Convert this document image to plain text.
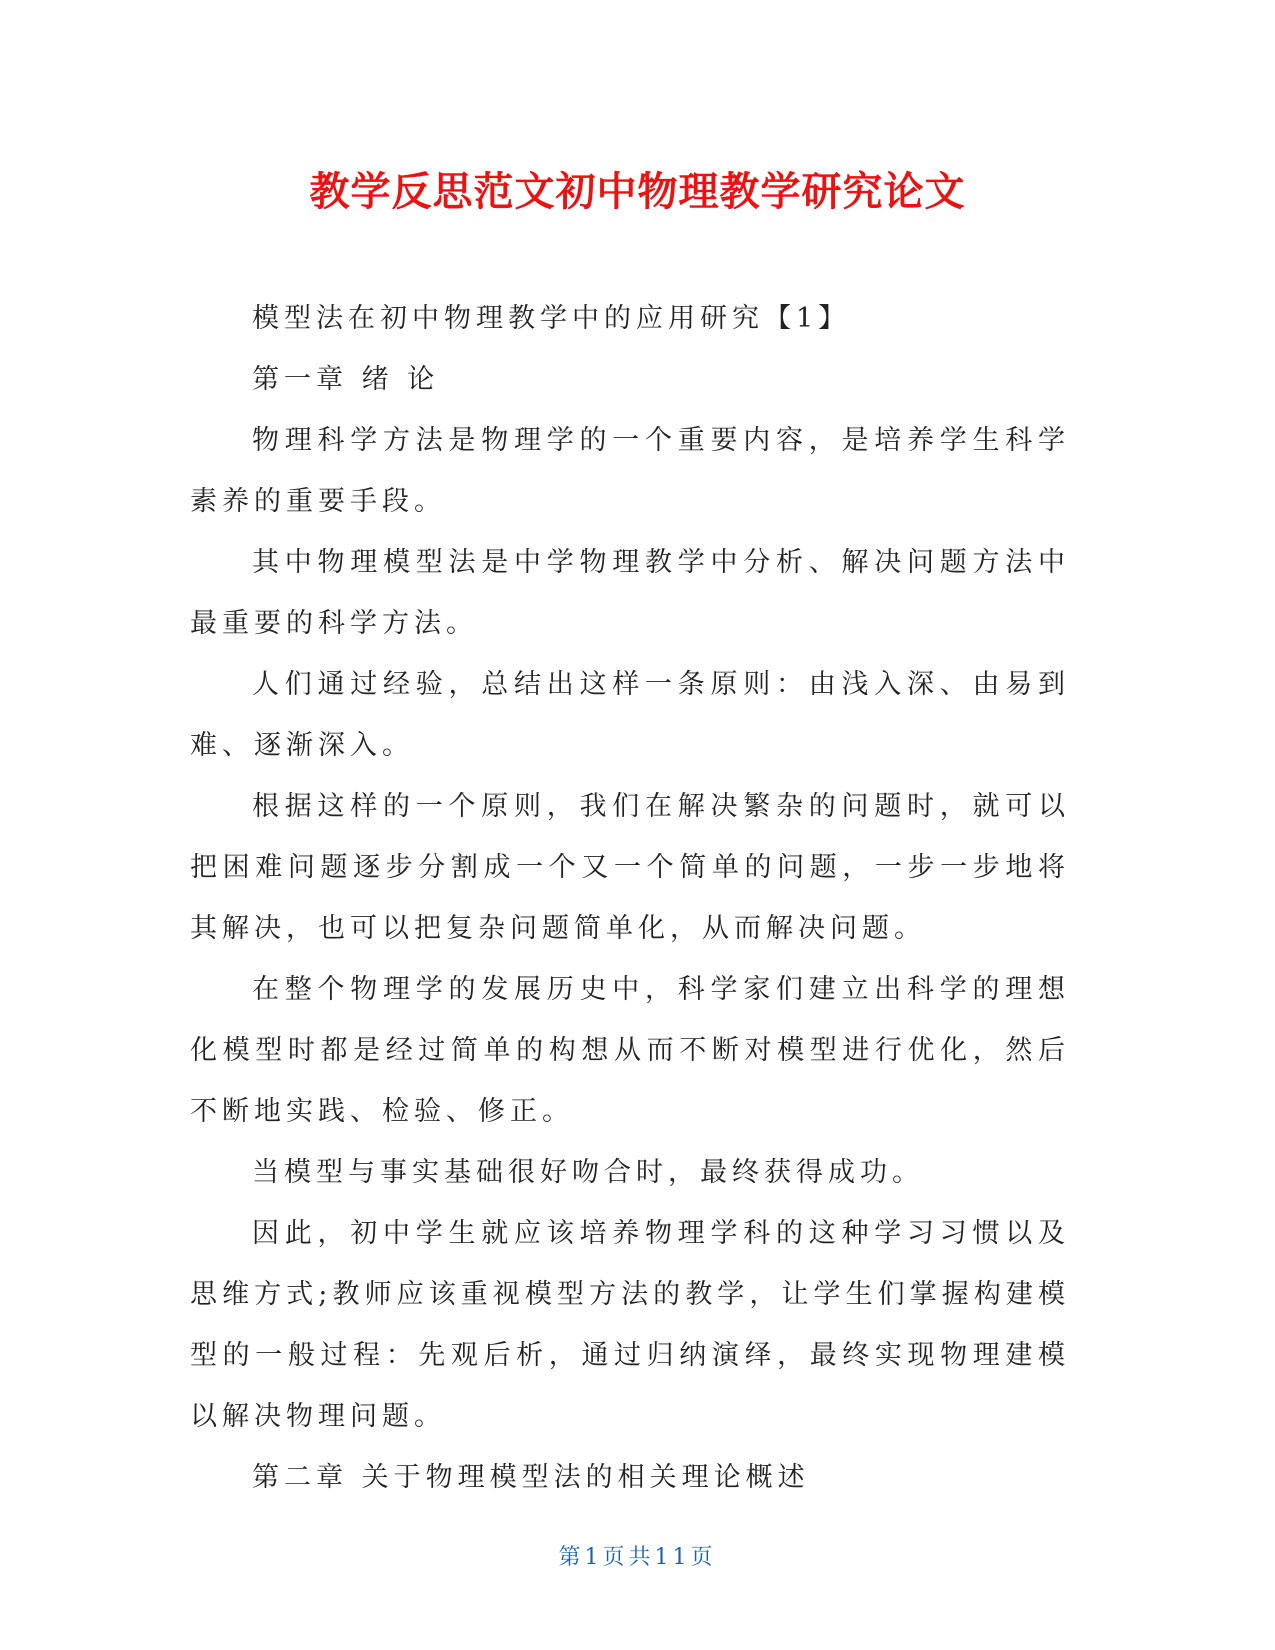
教学反思范文初中物理教学研究论文

模型法在初中物理教学中的应用研究【1】

第一章 绪 论

物理科学方法是物理学的一个重要内容，是培养学生科学素养的重要手段。

其中物理模型法是中学物理教学中分析、解决问题方法中最重要的科学方法。

人们通过经验，总结出这样一条原则：由浅入深、由易到难、逐渐深入。

根据这样的一个原则，我们在解决繁杂的问题时，就可以把困难问题逐步分割成一个又一个简单的问题，一步一步地将其解决，也可以把复杂问题简单化，从而解决问题。

在整个物理学的发展历史中，科学家们建立出科学的理想化模型时都是经过简单的构想从而不断对模型进行优化，然后不断地实践、检验、修正。

当模型与事实基础很好吻合时，最终获得成功。

因此，初中学生就应该培养物理学科的这种学习习惯以及思维方式;教师应该重视模型方法的教学，让学生们掌握构建模型的一般过程：先观后析，通过归纳演绎，最终实现物理建模以解决物理问题。

第二章 关于物理模型法的相关理论概述

第1页共11页
